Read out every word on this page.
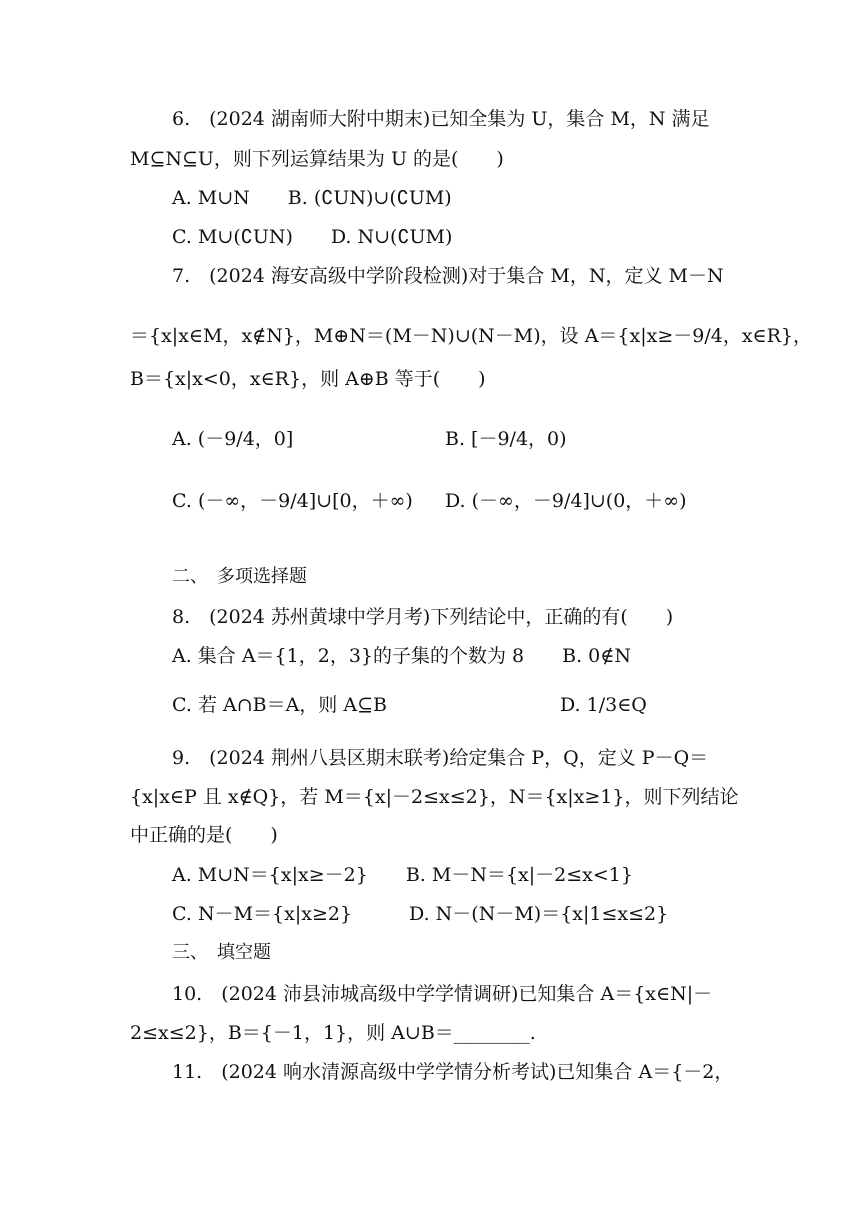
6.　(2024 湖南师大附中期末)已知全集为 U，集合 M，N 满足
M⊆N⊆U，则下列运算结果为 U 的是(　　)
A. M∪N　　B. (∁UN)∪(∁UM)
C. M∪(∁UN)　　D. N∪(∁UM)
7.　(2024 海安高级中学阶段检测)对于集合 M，N，定义 M－N
＝{x|x∈M，x∉N}，M⊕N＝(M－N)∪(N－M)，设 A＝{x|x≥－9/4，x∈R}，
B＝{x|x<0，x∈R}，则 A⊕B 等于(　　)
A. (－9/4，0]	B. [－9/4，0)
C. (－∞，－9/4]∪[0，＋∞) D. (－∞，－9/4]∪(0，＋∞)
二、　多项选择题
8.　(2024 苏州黄埭中学月考)下列结论中，正确的有(　　)
A. 集合 A＝{1，2，3}的子集的个数为 8　　B. 0∉N
C. 若 A∩B＝A，则 A⊆B	D. 1/3∈Q
9.　(2024 荆州八县区期末联考)给定集合 P，Q，定义 P－Q＝
{x|x∈P 且 x∉Q}，若 M＝{x|－2≤x≤2}，N＝{x|x≥1}，则下列结论
中正确的是(　　)
A. M∪N＝{x|x≥－2}　　B. M－N＝{x|－2≤x<1}
C. N－M＝{x|x≥2}　　　D. N－(N－M)＝{x|1≤x≤2}
三、　填空题
10.　(2024 沛县沛城高级中学学情调研)已知集合 A＝{x∈N|－
2≤x≤2}，B＝{－1，1}，则 A∪B＝________.
11.　(2024 响水清源高级中学学情分析考试)已知集合 A＝{－2，
